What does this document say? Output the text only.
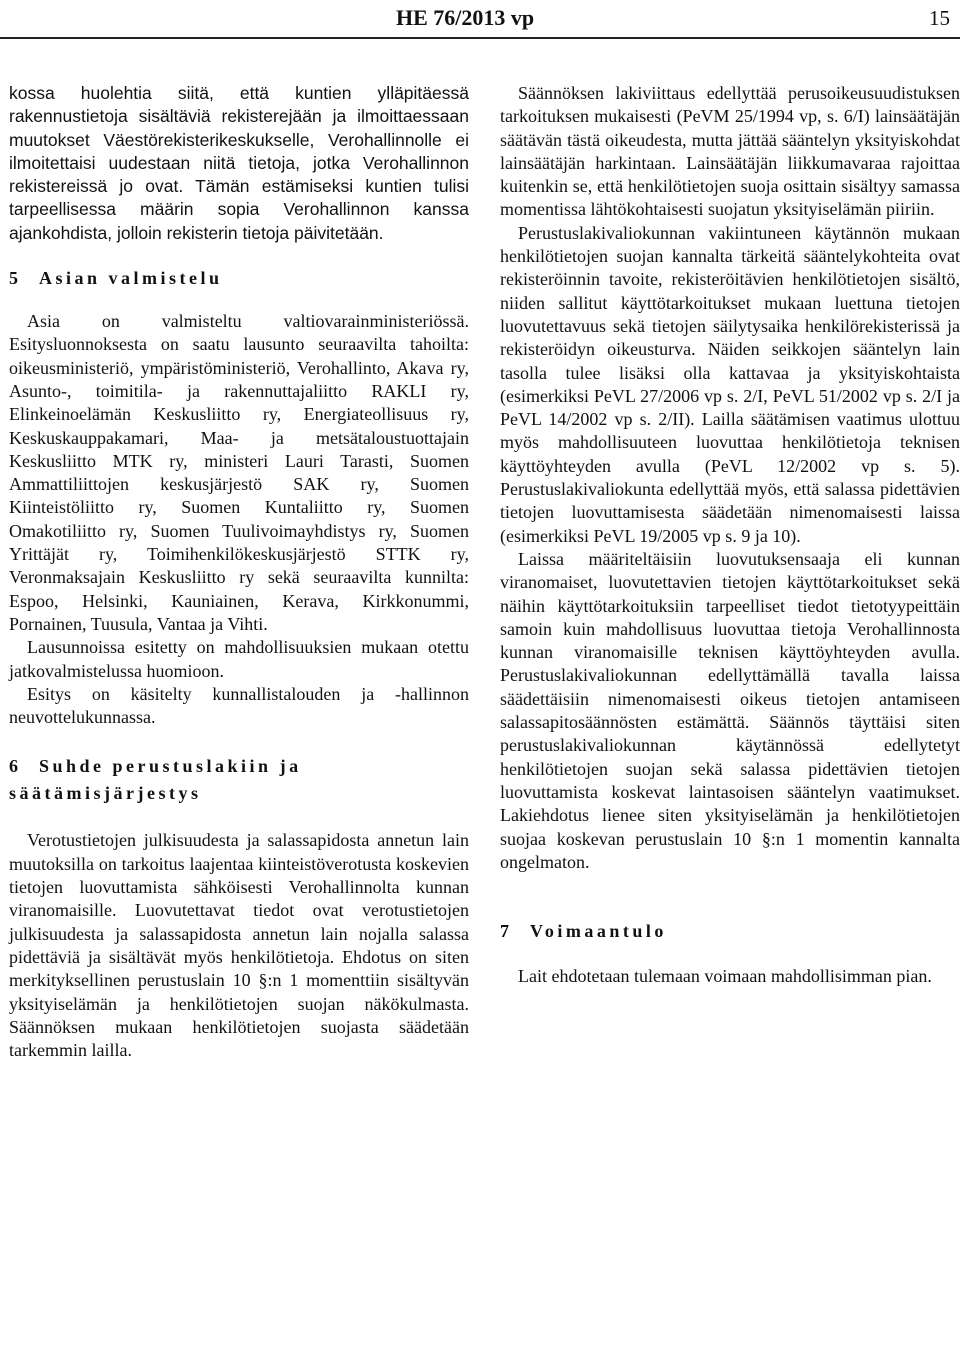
HE 76/2013 vp	15

kossa huolehtia siitä, että kuntien ylläpitäessä rakennustietoja sisältäviä rekisterejään ja ilmoittaessaan muutokset Väestörekisterikeskukselle, Verohallinnolle ei ilmoitettaisi uudestaan niitä tietoja, jotka Verohallinnon rekistereissä jo ovat. Tämän estämiseksi kuntien tulisi tarpeellisessa määrin sopia Verohallinnon kanssa ajankohdista, jolloin rekisterin tietoja päivitetään.

5 Asian valmistelu

Asia on valmisteltu valtiovarainministeriössä. Esitysluonnoksesta on saatu lausunto seuraavilta tahoilta: oikeusministeriö, ympäristöministeriö, Verohallinto, Akava ry, Asunto-, toimitila- ja rakennuttajaliitto RAKLI ry, Elinkeinoelämän Keskusliitto ry, Energiateollisuus ry, Keskuskauppakamari, Maa- ja metsätaloustuottajain Keskusliitto MTK ry, ministeri Lauri Tarasti, Suomen Ammattiliittojen keskusjärjestö SAK ry, Suomen Kiinteistöliitto ry, Suomen Kuntaliitto ry, Suomen Omakotiliitto ry, Suomen Tuulivoimayhdistys ry, Suomen Yrittäjät ry, Toimihenkilökeskusjärjestö STTK ry, Veronmaksajain Keskusliitto ry sekä seuraavilta kunnilta: Espoo, Helsinki, Kauniainen, Kerava, Kirkkonummi, Pornainen, Tuusula, Vantaa ja Vihti.

Lausunnoissa esitetty on mahdollisuuksien mukaan otettu jatkovalmistelussa huomioon.

Esitys on käsitelty kunnallistalouden ja -hallinnon neuvottelukunnassa.

6 Suhde perustuslakiin ja säätämisjärjestys

Verotustietojen julkisuudesta ja salassapidosta annetun lain muutoksilla on tarkoitus laajentaa kiinteistöverotusta koskevien tietojen luovuttamista sähköisesti Verohallinnolta kunnan viranomaisille. Luovutettavat tiedot ovat verotustietojen julkisuudesta ja salassapidosta annetun lain nojalla salassa pidettäviä ja sisältävät myös henkilötietoja. Ehdotus on siten merkityksellinen perustuslain 10 §:n 1 momenttiin sisältyvän yksityiselämän ja henkilötietojen suojan näkökulmasta. Säännöksen mukaan henkilötietojen suojasta säädetään tarkemmin lailla.

Säännöksen lakiviittaus edellyttää perusoikeusuudistuksen tarkoituksen mukaisesti (PeVM 25/1994 vp, s. 6/I) lainsäätäjän säätävän tästä oikeudesta, mutta jättää sääntelyn yksityiskohdat lainsäätäjän harkintaan. Lainsäätäjän liikkumavaraa rajoittaa kuitenkin se, että henkilötietojen suoja osittain sisältyy samassa momentissa lähtökohtaisesti suojatun yksityiselämän piiriin.

Perustuslakivaliokunnan vakiintuneen käytännön mukaan henkilötietojen suojan kannalta tärkeitä sääntelykohteita ovat rekisteröinnin tavoite, rekisteröitävien henkilötietojen sisältö, niiden sallitut käyttötarkoitukset mukaan luettuna tietojen luovutettavuus sekä tietojen säilytysaika henkilörekisterissä ja rekisteröidyn oikeusturva. Näiden seikkojen sääntelyn lain tasolla tulee lisäksi olla kattavaa ja yksityiskohtaista (esimerkiksi PeVL 27/2006 vp s. 2/I, PeVL 51/2002 vp s. 2/I ja PeVL 14/2002 vp s. 2/II). Lailla säätämisen vaatimus ulottuu myös mahdollisuuteen luovuttaa henkilötietoja teknisen käyttöyhteyden avulla (PeVL 12/2002 vp s. 5). Perustuslakivaliokunta edellyttää myös, että salassa pidettävien tietojen luovuttamisesta säädetään nimenomaisesti laissa (esimerkiksi PeVL 19/2005 vp s. 9 ja 10).

Laissa määriteltäisiin luovutuksensaaja eli kunnan viranomaiset, luovutettavien tietojen käyttötarkoitukset sekä näihin käyttötarkoituksiin tarpeelliset tiedot tietotyypeittäin samoin kuin mahdollisuus luovuttaa tietoja Verohallinnosta kunnan viranomaisille teknisen käyttöyhteyden avulla. Perustuslakivaliokunnan edellyttämällä tavalla laissa säädettäisiin nimenomaisesti oikeus tietojen antamiseen salassapitosäännösten estämättä. Säännös täyttäisi siten perustuslakivaliokunnan käytännössä edellytetyt henkilötietojen suojan sekä salassa pidettävien tietojen luovuttamista koskevat laintasoisen sääntelyn vaatimukset. Lakiehdotus lienee siten yksityiselämän ja henkilötietojen suojaa koskevan perustuslain 10 §:n 1 momentin kannalta ongelmaton.

7 Voimaantulo

Lait ehdotetaan tulemaan voimaan mahdollisimman pian.
